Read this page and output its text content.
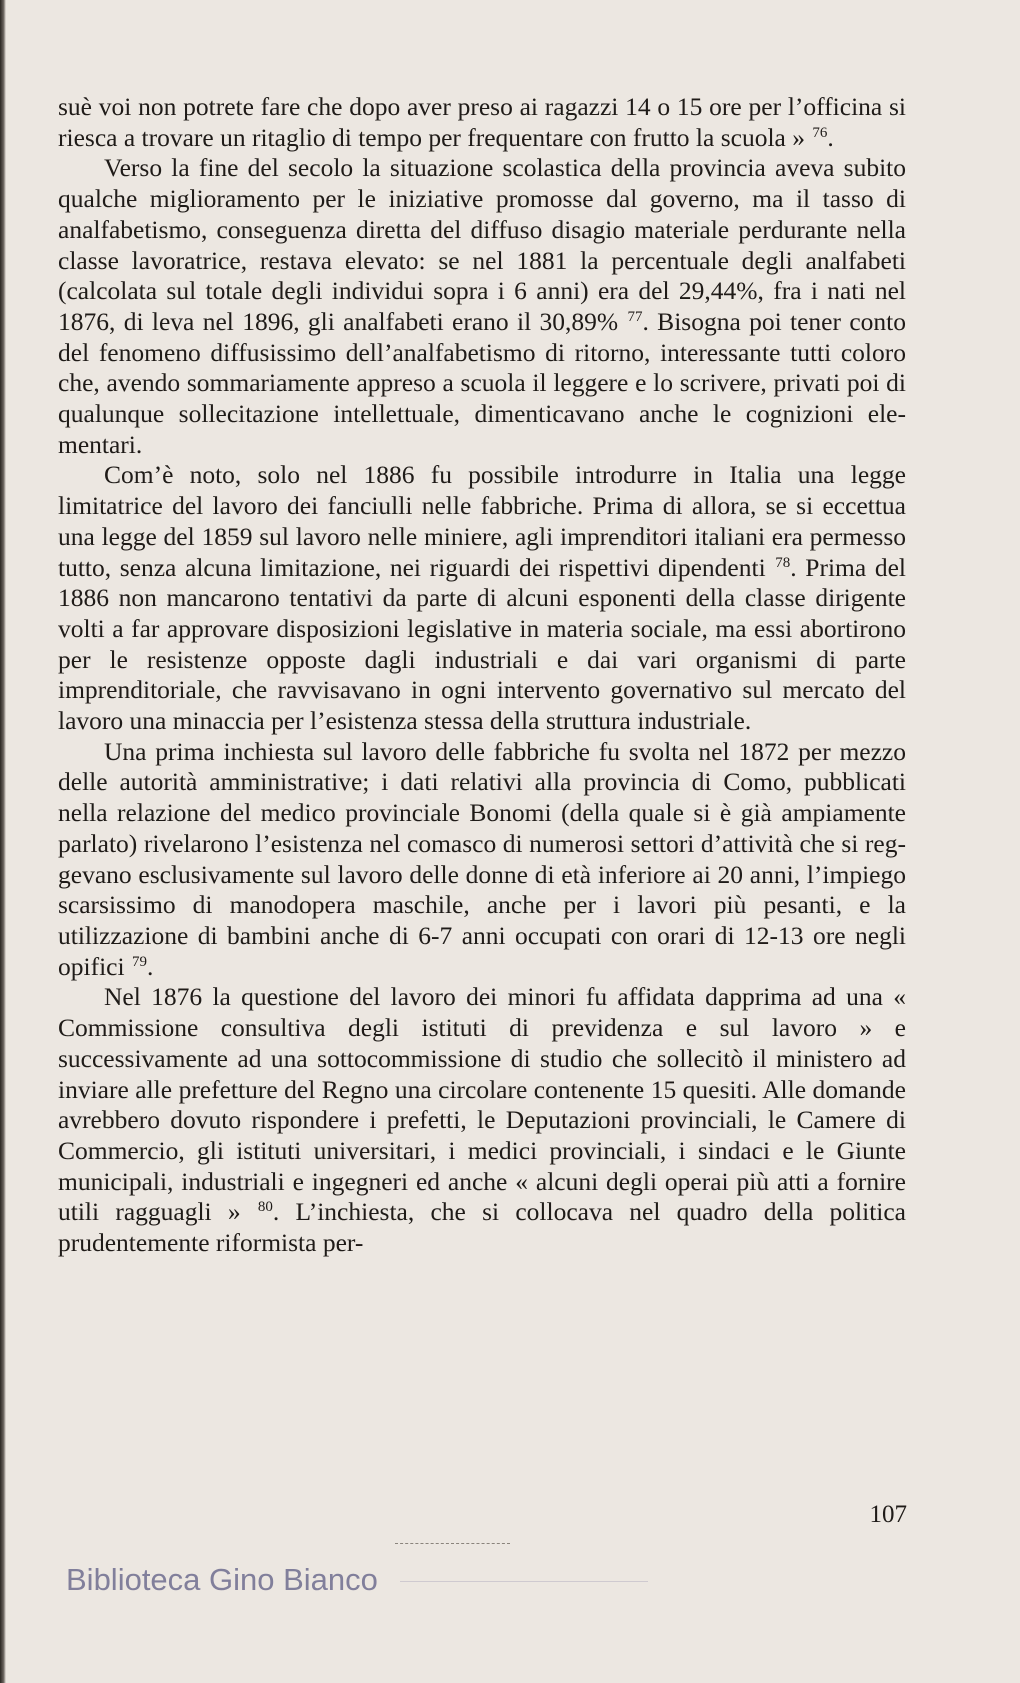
suè voi non potrete fare che dopo aver preso ai ragazzi 14 o 15 ore per l’officina si riesca a trovare un ritaglio di tempo per frequentare con frutto la scuola » $^{76}$.

Verso la fine del secolo la situazione scolastica della provincia aveva subito qualche miglioramento per le iniziative promosse dal governo, ma il tasso di analfabetismo, conseguenza diretta del diffuso disagio materiale perdurante nella classe lavoratrice, restava elevato: se nel 1881 la percentuale degli analfabeti (calcolata sul totale degli individui sopra i 6 anni) era del 29,44%, fra i nati nel 1876, di leva nel 1896, gli analfabeti erano il 30,89% $^{77}$. Bisogna poi tener conto del fenomeno diffusissimo dell’analfabetismo di ritorno, interessante tutti coloro che, avendo sommariamente appreso a scuola il leggere e lo scrivere, privati poi di qualunque sollecitazione intellettuale, dimenticavano anche le cognizioni elementari.

Com’è noto, solo nel 1886 fu possibile introdurre in Italia una legge limitatrice del lavoro dei fanciulli nelle fabbriche. Prima di allora, se si eccettua una legge del 1859 sul lavoro nelle miniere, agli imprenditori italiani era permesso tutto, senza alcuna limitazione, nei riguardi dei rispettivi dipendenti $^{78}$. Prima del 1886 non mancarono tentativi da parte di alcuni esponenti della classe dirigente volti a far approvare disposizioni legislative in materia sociale, ma essi abortirono per le resistenze opposte dagli industriali e dai vari organismi di parte imprenditoriale, che ravvisavano in ogni intervento governativo sul mercato del lavoro una minaccia per l’esistenza stessa della struttura industriale.

Una prima inchiesta sul lavoro delle fabbriche fu svolta nel 1872 per mezzo delle autorità amministrative; i dati relativi alla provincia di Como, pubblicati nella relazione del medico provinciale Bonomi (della quale si è già ampiamente parlato) rivelarono l’esistenza nel comasco di numerosi settori d’attività che si reggevano esclusivamente sul lavoro delle donne di età inferiore ai 20 anni, l’impiego scarsissimo di manodopera maschile, anche per i lavori più pesanti, e la utilizzazione di bambini anche di 6-7 anni occupati con orari di 12-13 ore negli opifici $^{79}$.

Nel 1876 la questione del lavoro dei minori fu affidata dapprima ad una « Commissione consultiva degli istituti di previdenza e sul lavoro » e successivamente ad una sottocommissione di studio che sollecitò il ministero ad inviare alle prefetture del Regno una circolare contenente 15 quesiti. Alle domande avrebbero dovuto rispondere i prefetti, le Deputazioni provinciali, le Camere di Commercio, gli istituti universitari, i medici provinciali, i sindaci e le Giunte municipali, industriali e ingegneri ed anche « alcuni degli operai più atti a fornire utili ragguagli » $^{80}$. L’inchiesta, che si collocava nel quadro della politica prudentemente riformista per-

107
Biblioteca Gino Bianco
